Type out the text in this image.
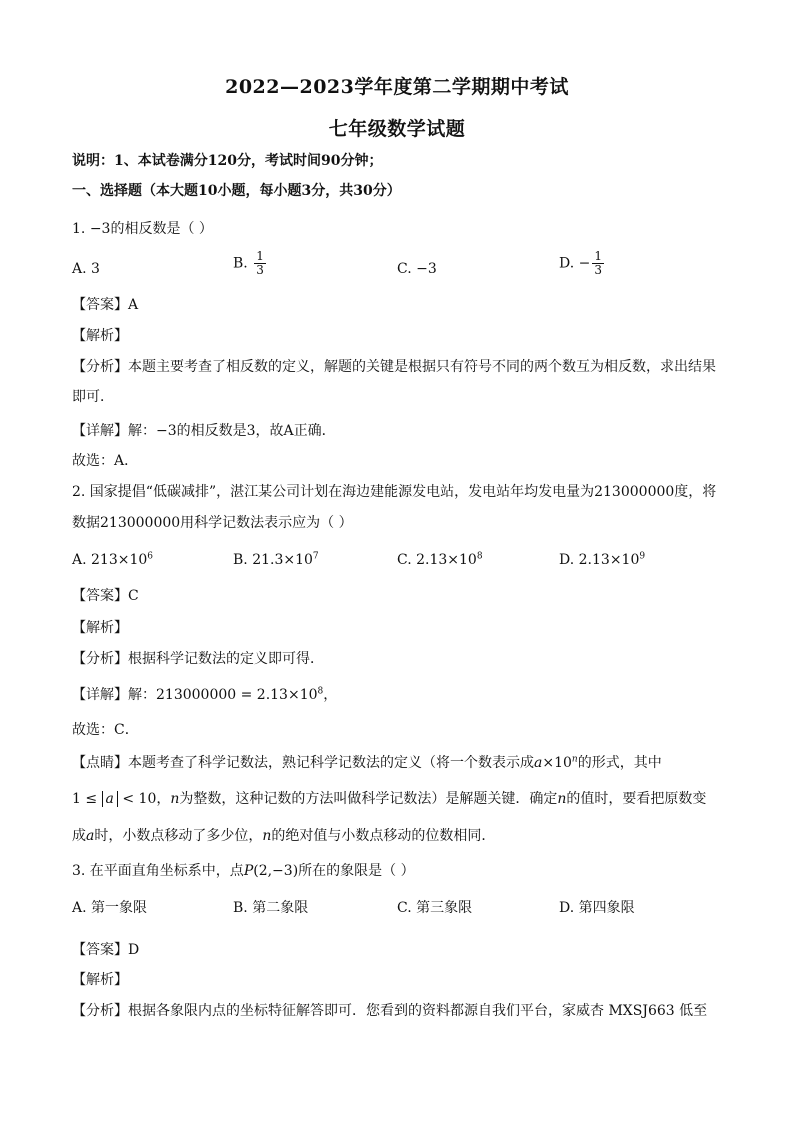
2022—2023学年度第二学期期中考试
七年级数学试题
说明：1、本试卷满分120分，考试时间90分钟；
一、选择题（本大题10小题，每小题3分，共30分）
1. −3的相反数是（ ）
A. 3	B. $\frac{1}{3}$	C. −3	D. − $\frac{1}{3}$
【答案】A
【解析】
【分析】本题主要考查了相反数的定义，解题的关键是根据只有符号不同的两个数互为相反数，求出结果
即可．
【详解】解：−3的相反数是3，故A正确．
故选：A．
2. 国家提倡“低碳减排”，湛江某公司计划在海边建能源发电站，发电站年均发电量为213000000度，将
数据213000000用科学记数法表示应为（ ）
A. $213\times 10^6$	B. $21.3\times 10^7$	C. $2.13\times 10^8$	D. $2.13\times 10^9$
【答案】C
【解析】
【分析】根据科学记数法的定义即可得．
【详解】解：$213000000 = 2.13\times 10^8$，
故选：C．
【点睛】本题考查了科学记数法，熟记科学记数法的定义（将一个数表示成$a\times 10^n$的形式，其中
1 ≤ a < 10，n为整数，这种记数的方法叫做科学记数法）是解题关键．确定n的值时，要看把原数变
成a时，小数点移动了多少位，n的绝对值与小数点移动的位数相同．
3. 在平面直角坐标系中，点P(2,−3)所在的象限是（ ）
A. 第一象限	B. 第二象限	C. 第三象限	D. 第四象限
【答案】D
【解析】
【分析】根据各象限内点的坐标特征解答即可．您看到的资料都源自我们平台，家威杏 MXSJ663 低至
